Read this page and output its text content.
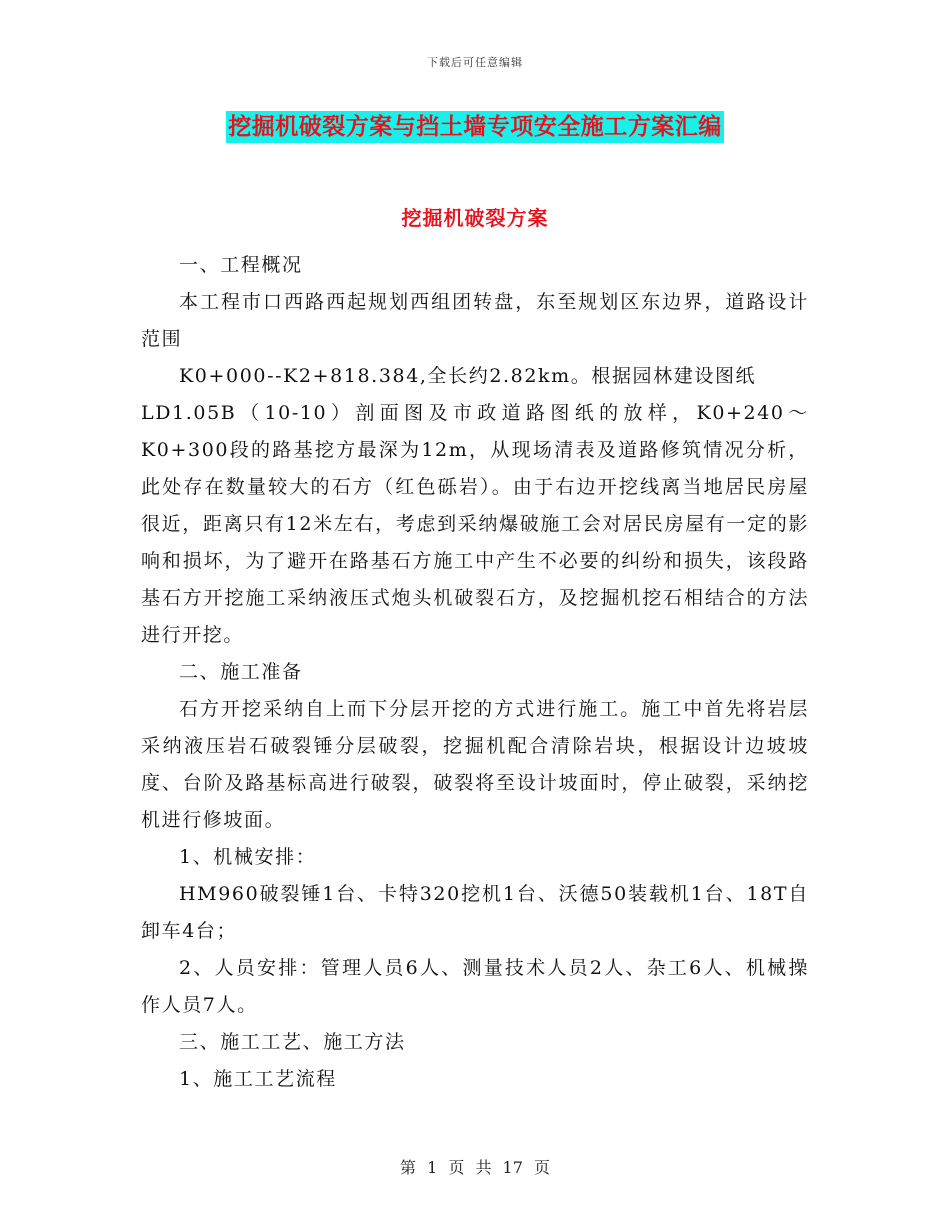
下载后可任意编辑
挖掘机破裂方案与挡土墙专项安全施工方案汇编
挖掘机破裂方案

一、工程概况

本工程巿口西路西起规划西组团转盘，东至规划区东边界，道路设计范围

K0+000--K2+818.384,全长约2.82km。根据园林建设图纸

LD1.05B（10-10）剖面图及市政道路图纸的放样，K0+240～K0+300段的路基挖方最深为12m，从现场清表及道路修筑情况分析，此处存在数量较大的石方（红色砾岩）。由于右边开挖线离当地居民房屋很近，距离只有12米左右，考虑到采纳爆破施工会对居民房屋有一定的影响和损坏，为了避开在路基石方施工中产生不必要的纠纷和损失，该段路基石方开挖施工采纳液压式炮头机破裂石方，及挖掘机挖石相结合的方法进行开挖。

二、施工准备

石方开挖采纳自上而下分层开挖的方式进行施工。施工中首先将岩层采纳液压岩石破裂锤分层破裂，挖掘机配合清除岩块，根据设计边坡坡度、台阶及路基标高进行破裂，破裂将至设计坡面时，停止破裂，采纳挖机进行修坡面。

1、机械安排：

HM960破裂锤1台、卡特320挖机1台、沃德50装载机1台、18T自卸车4台；

2、人员安排：管理人员6人、测量技术人员2人、杂工6人、机械操作人员7人。

三、施工工艺、施工方法

1、施工工艺流程

第 1 页 共 17 页
